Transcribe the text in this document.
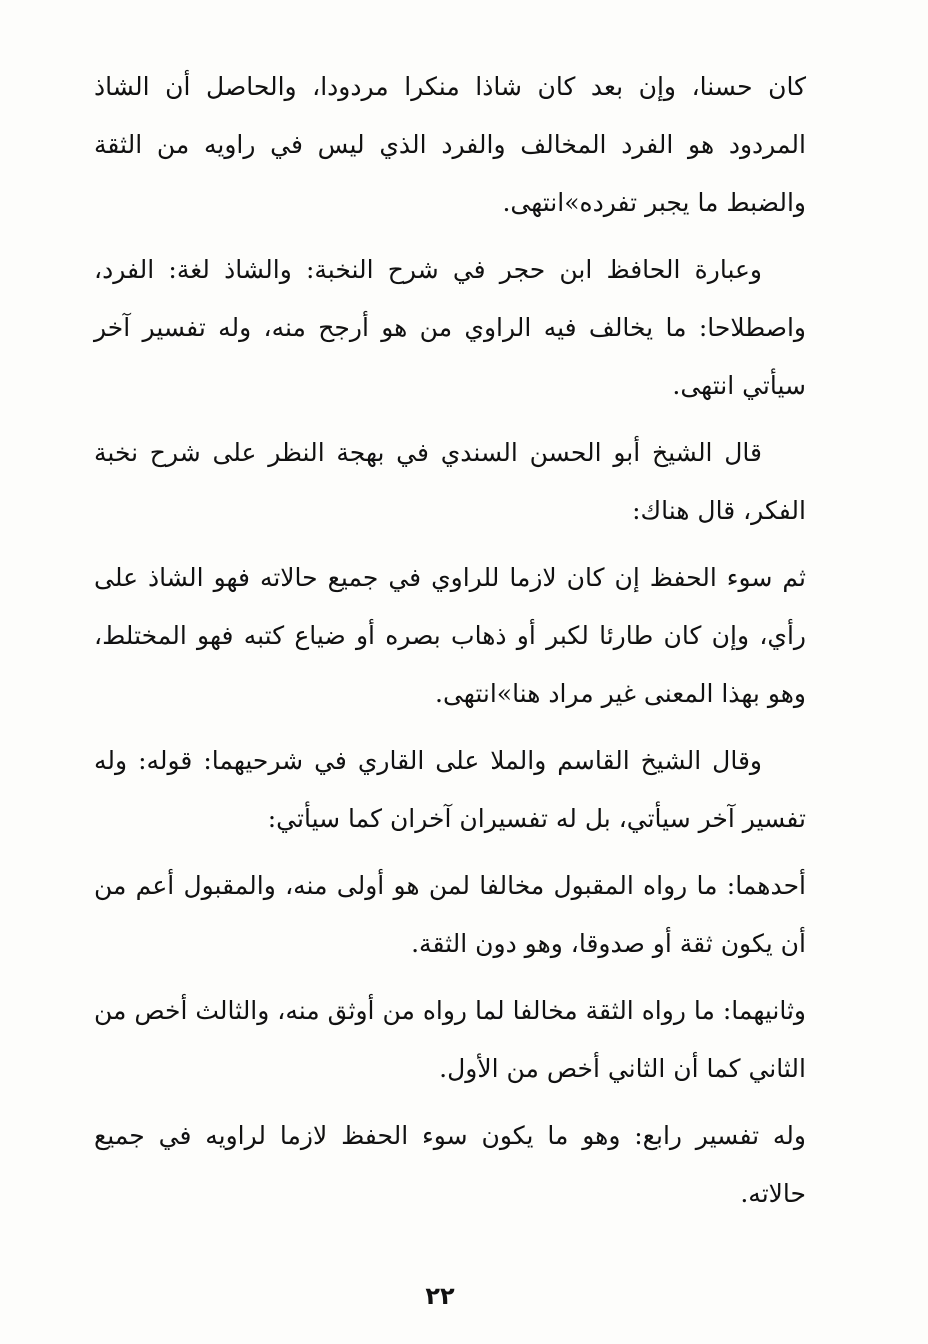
كان حسنا، وإن بعد كان شاذا منكرا مردودا، والحاصل أن الشاذ المردود هو الفرد المخالف والفرد الذي ليس في راويه من الثقة والضبط ما يجبر تفرده»انتهى.

وعبارة الحافظ ابن حجر في شرح النخبة: والشاذ لغة: الفرد، واصطلاحا: ما يخالف فيه الراوي من هو أرجح منه، وله تفسير آخر سيأتي انتهى.

قال الشيخ أبو الحسن السندي في بهجة النظر على شرح نخبة الفكر، قال هناك:

ثم سوء الحفظ إن كان لازما للراوي في جميع حالاته فهو الشاذ على رأي، وإن كان طارئا لكبر أو ذهاب بصره أو ضياع كتبه فهو المختلط، وهو بهذا المعنى غير مراد هنا»انتهى.

وقال الشيخ القاسم والملا على القاري في شرحيهما: قوله: وله تفسير آخر سيأتي، بل له تفسيران آخران كما سيأتي:

أحدهما: ما رواه المقبول مخالفا لمن هو أولى منه، والمقبول أعم من أن يكون ثقة أو صدوقا، وهو دون الثقة.

وثانيهما: ما رواه الثقة مخالفا لما رواه من أوثق منه، والثالث أخص من الثاني كما أن الثاني أخص من الأول.

وله تفسير رابع: وهو ما يكون سوء الحفظ لازما لراويه في جميع حالاته.

٢٢
